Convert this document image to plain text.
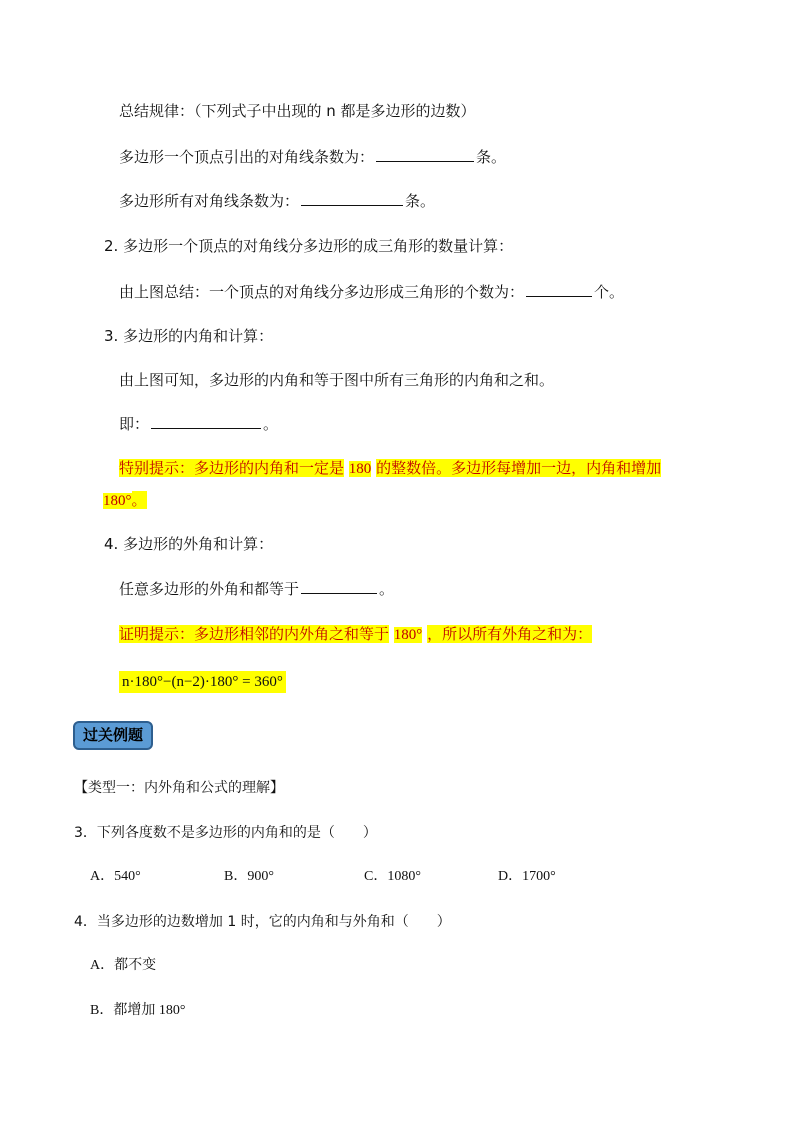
总结规律：（下列式子中出现的 n 都是多边形的边数）
多边形一个顶点引出的对角线条数为：	条。
多边形所有对角线条数为：	条。
2. 多边形一个顶点的对角线分多边形的成三角形的数量计算：
由上图总结：一个顶点的对角线分多边形成三角形的个数为：	个。
3. 多边形的内角和计算：
由上图可知，多边形的内角和等于图中所有三角形的内角和之和。
即：	。
特别提示：多边形的内角和一定是 180 的整数倍。多边形每增加一边，内角和增加
180°。
4. 多边形的外角和计算：
任意多边形的外角和都等于	。
证明提示：多边形相邻的内外角之和等于 180° ，所以所有外角之和为：
n·180°−(n−2)·180° = 360°
过关例题
【类型一：内外角和公式的理解】
3．下列各度数不是多边形的内角和的是（　　）
A．540°	B．900°	C．1080°	D．1700°
4．当多边形的边数增加 1 时，它的内角和与外角和（　　）
A．都不变
B．都增加 180°
